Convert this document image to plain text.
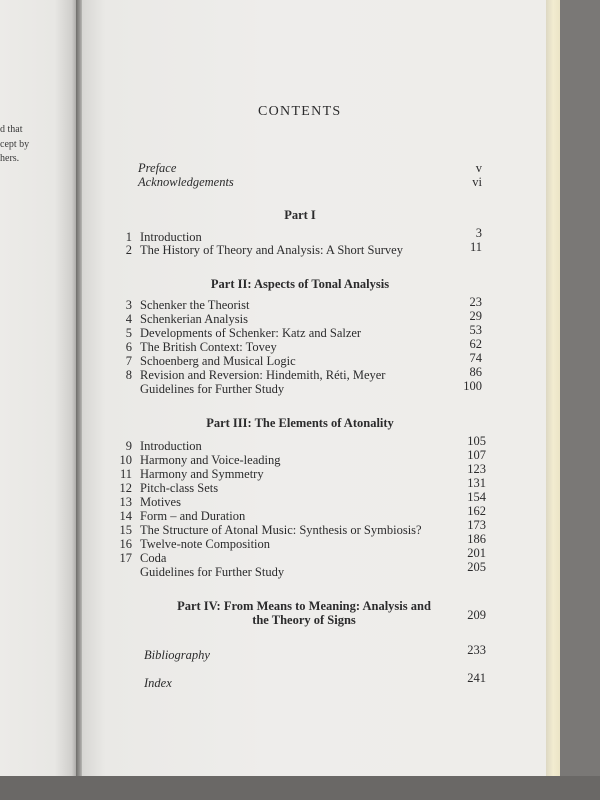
d that
cept by
hers.
CONTENTS
Preface	v
Acknowledgements	vi
Part I
1 Introduction	3
2 The History of Theory and Analysis: A Short Survey	11
Part II: Aspects of Tonal Analysis
3 Schenker the Theorist	23
4 Schenkerian Analysis	29
5 Developments of Schenker: Katz and Salzer	53
6 The British Context: Tovey	62
7 Schoenberg and Musical Logic	74
8 Revision and Reversion: Hindemith, Réti, Meyer	86
Guidelines for Further Study	100
Part III: The Elements of Atonality
9 Introduction	105
10 Harmony and Voice-leading	107
11 Harmony and Symmetry	123
12 Pitch-class Sets	131
13 Motives	154
14 Form – and Duration	162
15 The Structure of Atonal Music: Synthesis or Symbiosis?	173
16 Twelve-note Composition	186
17 Coda	201
Guidelines for Further Study	205
Part IV: From Means to Meaning: Analysis and
the Theory of Signs	209
Bibliography	233
Index	241
